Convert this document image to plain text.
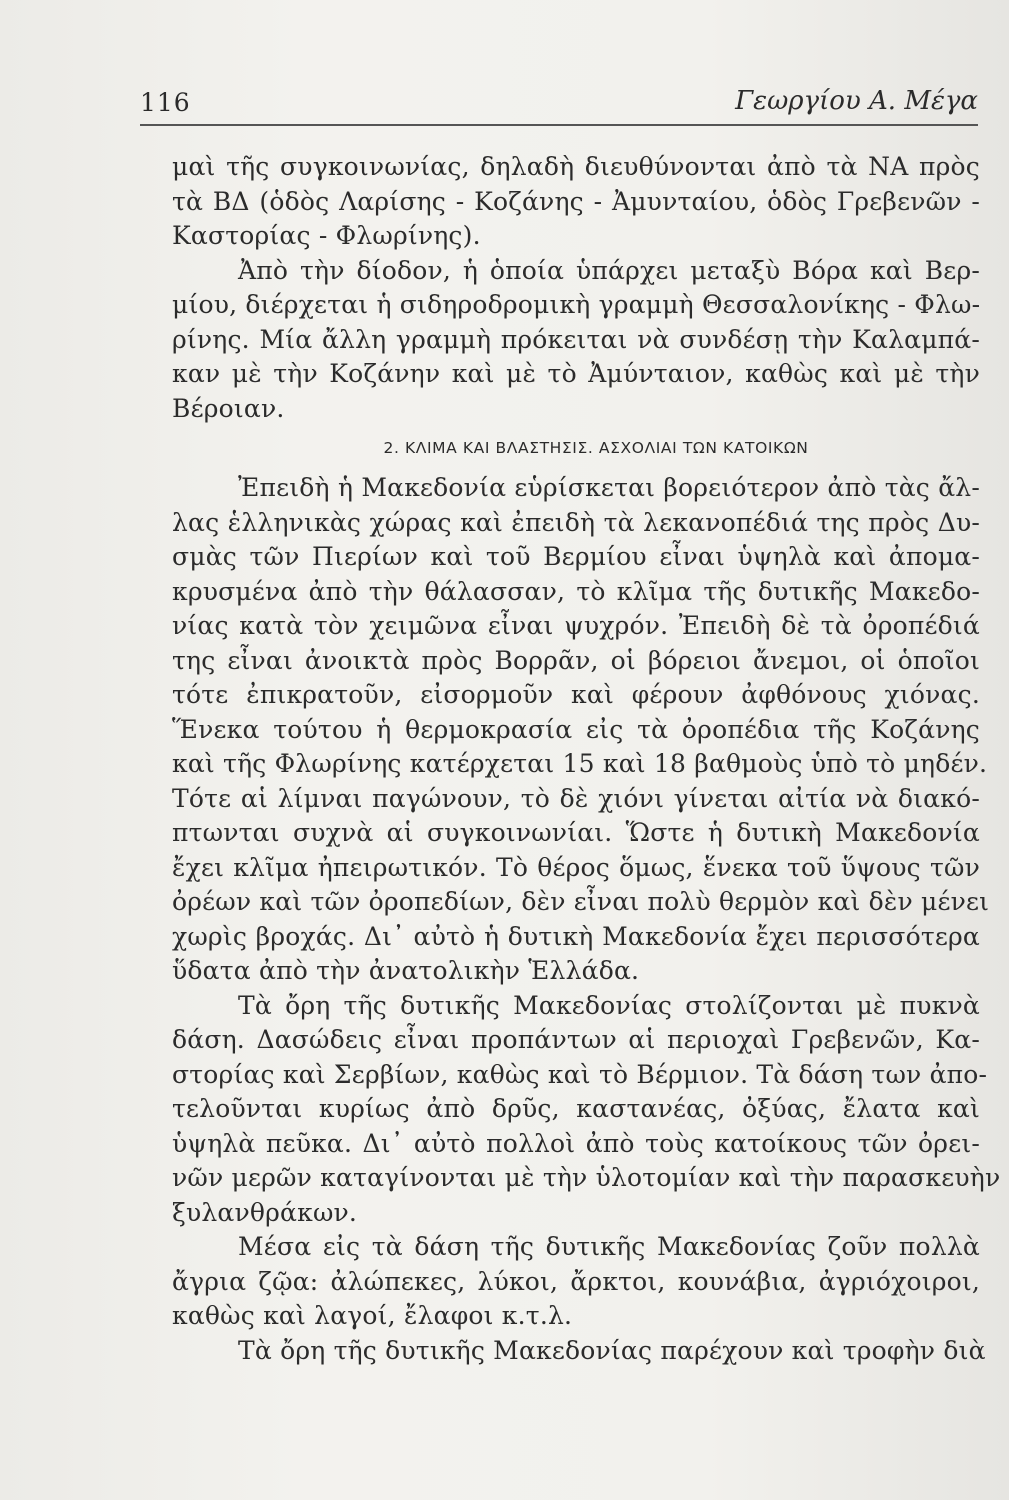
116	Γεωργίου Α. Μέγα
μαὶ τῆς συγκοινωνίας, δηλαδὴ διευθύνονται ἀπὸ τὰ ΝΑ πρὸς
τὰ ΒΔ (ὁδὸς Λαρίσης - Κοζάνης - Ἀμυνταίου, ὁδὸς Γρεβενῶν -
Καστορίας - Φλωρίνης).
Ἀπὸ τὴν δίοδον, ἡ ὁποία ὑπάρχει μεταξὺ Βόρα καὶ Βερ-
μίου, διέρχεται ἡ σιδηροδρομικὴ γραμμὴ Θεσσαλονίκης - Φλω-
ρίνης. Μία ἄλλη γραμμὴ πρόκειται νὰ συνδέσῃ τὴν Καλαμπά-
καν μὲ τὴν Κοζάνην καὶ μὲ τὸ Ἀμύνταιον, καθὼς καὶ μὲ τὴν
Βέροιαν.
2. ΚΛΙΜΑ ΚΑΙ ΒΛΑΣΤΗΣΙΣ. ΑΣΧΟΛΙΑΙ ΤΩΝ ΚΑΤΟΙΚΩΝ
Ἐπειδὴ ἡ Μακεδονία εὑρίσκεται βορειότερον ἀπὸ τὰς ἄλ-
λας ἑλληνικὰς χώρας καὶ ἐπειδὴ τὰ λεκανοπέδιά της πρὸς Δυ-
σμὰς τῶν Πιερίων καὶ τοῦ Βερμίου εἶναι ὑψηλὰ καὶ ἀπομα-
κρυσμένα ἀπὸ τὴν θάλασσαν, τὸ κλῖμα τῆς δυτικῆς Μακεδο-
νίας κατὰ τὸν χειμῶνα εἶναι ψυχρόν. Ἐπειδὴ δὲ τὰ ὀροπέδιά
της εἶναι ἀνοικτὰ πρὸς Βορρᾶν, οἱ βόρειοι ἄνεμοι, οἱ ὁποῖοι
τότε ἐπικρατοῦν, εἰσορμοῦν καὶ φέρουν ἀφθόνους χιόνας.
Ἕνεκα τούτου ἡ θερμοκρασία εἰς τὰ ὀροπέδια τῆς Κοζάνης
καὶ τῆς Φλωρίνης κατέρχεται 15 καὶ 18 βαθμοὺς ὑπὸ τὸ μηδέν.
Τότε αἱ λίμναι παγώνουν, τὸ δὲ χιόνι γίνεται αἰτία νὰ διακό-
πτωνται συχνὰ αἱ συγκοινωνίαι. Ὥστε ἡ δυτικὴ Μακεδονία
ἔχει κλῖμα ἠπειρωτικόν. Τὸ θέρος ὅμως, ἕνεκα τοῦ ὕψους τῶν
ὀρέων καὶ τῶν ὀροπεδίων, δὲν εἶναι πολὺ θερμὸν καὶ δὲν μένει
χωρὶς βροχάς. Δι᾽ αὐτὸ ἡ δυτικὴ Μακεδονία ἔχει περισσότερα
ὕδατα ἀπὸ τὴν ἀνατολικὴν Ἑλλάδα.
Τὰ ὄρη τῆς δυτικῆς Μακεδονίας στολίζονται μὲ πυκνὰ
δάση. Δασώδεις εἶναι προπάντων αἱ περιοχαὶ Γρεβενῶν, Κα-
στορίας καὶ Σερβίων, καθὼς καὶ τὸ Βέρμιον. Τὰ δάση των ἀπο-
τελοῦνται κυρίως ἀπὸ δρῦς, καστανέας, ὀξύας, ἔλατα καὶ
ὑψηλὰ πεῦκα. Δι᾽ αὐτὸ πολλοὶ ἀπὸ τοὺς κατοίκους τῶν ὀρει-
νῶν μερῶν καταγίνονται μὲ τὴν ὑλοτομίαν καὶ τὴν παρασκευὴν
ξυλανθράκων.
Μέσα εἰς τὰ δάση τῆς δυτικῆς Μακεδονίας ζοῦν πολλὰ
ἄγρια ζῷα: ἀλώπεκες, λύκοι, ἄρκτοι, κουνάβια, ἀγριόχοιροι,
καθὼς καὶ λαγοί, ἔλαφοι κ.τ.λ.
Τὰ ὄρη τῆς δυτικῆς Μακεδονίας παρέχουν καὶ τροφὴν διὰ
